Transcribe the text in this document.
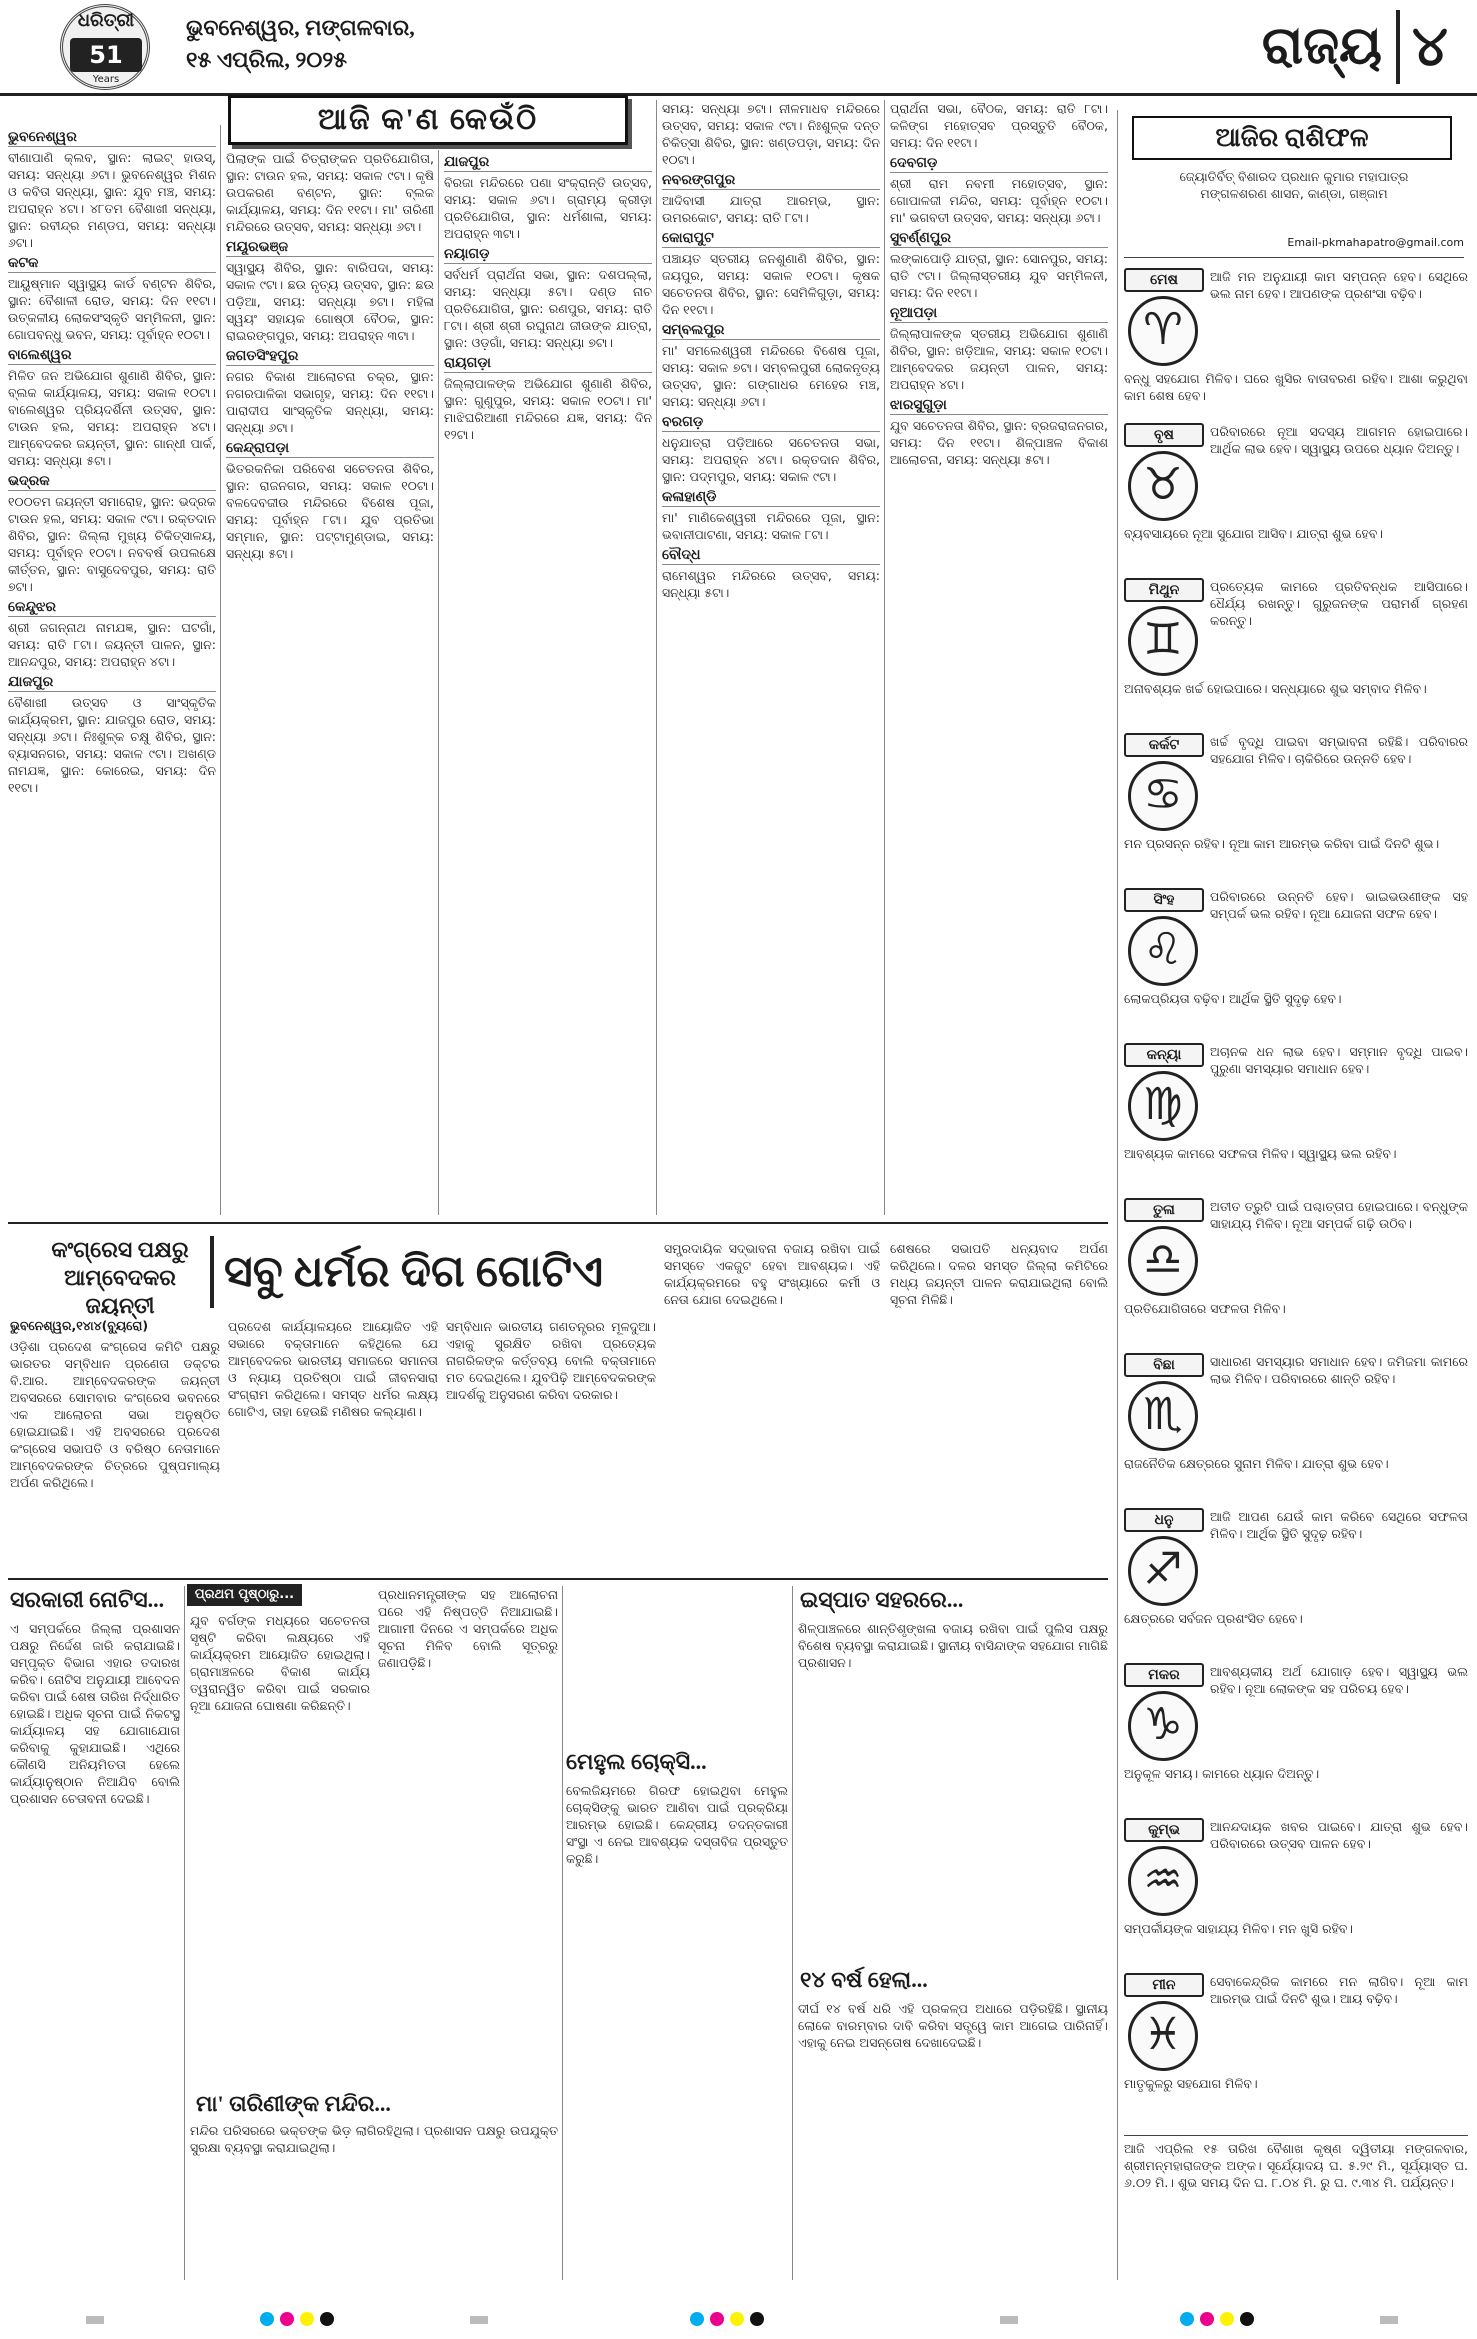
ଧରିତ୍ରୀ
51
Years
ଭୁବନେଶ୍ୱର, ମଙ୍ଗଳବାର,
୧୫ ଏପ୍ରିଲ, ୨୦୨୫	ରାଜ୍ୟ ୪
ଆଜି କ'ଣ କେଉଁଠି
ଭୁବନେଶ୍ୱର

ବୀଣାପାଣି କ୍ଲବ, ସ୍ଥାନ: ଲାଇଟ୍ ହାଉସ୍, ସମୟ: ସନ୍ଧ୍ୟା ୬ଟା। ଭୁବନେଶ୍ୱର ମିଶନ ଓ କବିତା ସନ୍ଧ୍ୟା, ସ୍ଥାନ: ଯୁବ ମଞ୍ଚ, ସମୟ: ଅପରାହ୍ନ ୪ଟା। ୪୮ତମ ବୈଶାଖୀ ସନ୍ଧ୍ୟା, ସ୍ଥାନ: ରବୀନ୍ଦ୍ର ମଣ୍ଡପ, ସମୟ: ସନ୍ଧ୍ୟା ୬ଟା।

କଟକ

ଆୟୁଷ୍ମାନ ସ୍ୱାସ୍ଥ୍ୟ କାର୍ଡ ବଣ୍ଟନ ଶିବିର, ସ୍ଥାନ: ବୈଶାଳୀ ରୋଡ, ସମୟ: ଦିନ ୧୧ଟା। ଉତ୍କଳୀୟ ଲୋକସଂସ୍କୃତି ସମ୍ମିଳନୀ, ସ୍ଥାନ: ଗୋପବନ୍ଧୁ ଭବନ, ସମୟ: ପୂର୍ବାହ୍ନ ୧୦ଟା।

ବାଲେଶ୍ୱର

ମିଳିତ ଜନ ଅଭିଯୋଗ ଶୁଣାଣି ଶିବିର, ସ୍ଥାନ: ବ୍ଲକ କାର୍ଯ୍ୟାଳୟ, ସମୟ: ସକାଳ ୧୦ଟା। ବାଲେଶ୍ୱର ପ୍ରିୟଦର୍ଶିନୀ ଉତ୍ସବ, ସ୍ଥାନ: ଟାଉନ ହଲ, ସମୟ: ଅପରାହ୍ନ ୪ଟା। ଆମ୍ବେଦକର ଜୟନ୍ତୀ, ସ୍ଥାନ: ଗାନ୍ଧୀ ପାର୍କ, ସମୟ: ସନ୍ଧ୍ୟା ୫ଟା।

ଭଦ୍ରକ

୧୦୦ତମ ଜୟନ୍ତୀ ସମାରୋହ, ସ୍ଥାନ: ଭଦ୍ରକ ଟାଉନ ହଲ, ସମୟ: ସକାଳ ୯ଟା। ରକ୍ତଦାନ ଶିବିର, ସ୍ଥାନ: ଜିଲ୍ଲା ମୁଖ୍ୟ ଚିକିତ୍ସାଳୟ, ସମୟ: ପୂର୍ବାହ୍ନ ୧୦ଟା। ନବବର୍ଷ ଉପଲକ୍ଷେ କୀର୍ତ୍ତନ, ସ୍ଥାନ: ବାସୁଦେବପୁର, ସମୟ: ରାତି ୭ଟା।

କେନ୍ଦୁଝର

ଶ୍ରୀ ଜଗନ୍ନାଥ ନାମଯଜ୍ଞ, ସ୍ଥାନ: ଘଟଗାଁ, ସମୟ: ରାତି ୮ଟା। ଜୟନ୍ତୀ ପାଳନ, ସ୍ଥାନ: ଆନନ୍ଦପୁର, ସମୟ: ଅପରାହ୍ନ ୪ଟା।

ଯାଜପୁର

ବୈଶାଖୀ ଉତ୍ସବ ଓ ସାଂସ୍କୃତିକ କାର୍ଯ୍ୟକ୍ରମ, ସ୍ଥାନ: ଯାଜପୁର ରୋଡ, ସମୟ: ସନ୍ଧ୍ୟା ୬ଟା। ନିଃଶୁଳ୍କ ଚକ୍ଷୁ ଶିବିର, ସ୍ଥାନ: ବ୍ୟାସନଗର, ସମୟ: ସକାଳ ୯ଟା। ଅଖଣ୍ଡ ନାମଯଜ୍ଞ, ସ୍ଥାନ: କୋରେଇ, ସମୟ: ଦିନ ୧୧ଟା।

ପିଲାଙ୍କ ପାଇଁ ଚିତ୍ରାଙ୍କନ ପ୍ରତିଯୋଗିତା, ସ୍ଥାନ: ଟାଉନ ହଲ, ସମୟ: ସକାଳ ୯ଟା। କୃଷି ଉପକରଣ ବଣ୍ଟନ, ସ୍ଥାନ: ବ୍ଲକ କାର୍ଯ୍ୟାଳୟ, ସମୟ: ଦିନ ୧୧ଟା। ମା' ତାରିଣୀ ମନ୍ଦିରରେ ଉତ୍ସବ, ସମୟ: ସନ୍ଧ୍ୟା ୬ଟା।

ମୟୂରଭଞ୍ଜ

ସ୍ୱାସ୍ଥ୍ୟ ଶିବିର, ସ୍ଥାନ: ବାରିପଦା, ସମୟ: ସକାଳ ୯ଟା। ଛଉ ନୃତ୍ୟ ଉତ୍ସବ, ସ୍ଥାନ: ଛଉ ପଡ଼ିଆ, ସମୟ: ସନ୍ଧ୍ୟା ୭ଟା। ମହିଳା ସ୍ୱୟଂ ସହାୟକ ଗୋଷ୍ଠୀ ବୈଠକ, ସ୍ଥାନ: ରାଇରଙ୍ଗପୁର, ସମୟ: ଅପରାହ୍ନ ୩ଟା।

ଜଗତସିଂହପୁର

ନଗର ବିକାଶ ଆଲୋଚନା ଚକ୍ର, ସ୍ଥାନ: ନଗରପାଳିକା ସଭାଗୃହ, ସମୟ: ଦିନ ୧୧ଟା। ପାରାଦୀପ ସାଂସ୍କୃତିକ ସନ୍ଧ୍ୟା, ସମୟ: ସନ୍ଧ୍ୟା ୬ଟା।

କେନ୍ଦ୍ରାପଡ଼ା

ଭିତରକନିକା ପରିବେଶ ସଚେତନତା ଶିବିର, ସ୍ଥାନ: ରାଜନଗର, ସମୟ: ସକାଳ ୧୦ଟା। ବଳଦେବଜୀଉ ମନ୍ଦିରରେ ବିଶେଷ ପୂଜା, ସମୟ: ପୂର୍ବାହ୍ନ ୮ଟା। ଯୁବ ପ୍ରତିଭା ସମ୍ମାନ, ସ୍ଥାନ: ପଟ୍ଟାମୁଣ୍ଡାଇ, ସମୟ: ସନ୍ଧ୍ୟା ୫ଟା।

ଯାଜପୁର

ବିରଜା ମନ୍ଦିରରେ ପଣା ସଂକ୍ରାନ୍ତି ଉତ୍ସବ, ସମୟ: ସକାଳ ୬ଟା। ଗ୍ରାମ୍ୟ କ୍ରୀଡ଼ା ପ୍ରତିଯୋଗିତା, ସ୍ଥାନ: ଧର୍ମଶାଳା, ସମୟ: ଅପରାହ୍ନ ୩ଟା।

ନୟାଗଡ଼

ସର୍ବଧର୍ମ ପ୍ରାର୍ଥନା ସଭା, ସ୍ଥାନ: ଦଶପଲ୍ଲା, ସମୟ: ସନ୍ଧ୍ୟା ୫ଟା। ଦଣ୍ଡ ନାଚ ପ୍ରତିଯୋଗିତା, ସ୍ଥାନ: ରଣପୁର, ସମୟ: ରାତି ୮ଟା। ଶ୍ରୀ ଶ୍ରୀ ରଘୁନାଥ ଜୀଉଙ୍କ ଯାତ୍ରା, ସ୍ଥାନ: ଓଡ଼ଗାଁ, ସମୟ: ସନ୍ଧ୍ୟା ୭ଟା।

ରାୟଗଡ଼ା

ଜିଲ୍ଲାପାଳଙ୍କ ଅଭିଯୋଗ ଶୁଣାଣି ଶିବିର, ସ୍ଥାନ: ଗୁଣୁପୁର, ସମୟ: ସକାଳ ୧୦ଟା। ମା' ମାଝିଘରିଆଣୀ ମନ୍ଦିରରେ ଯଜ୍ଞ, ସମୟ: ଦିନ ୧୨ଟା।

ସମୟ: ସନ୍ଧ୍ୟା ୭ଟା। ନୀଳମାଧବ ମନ୍ଦିରରେ ଉତ୍ସବ, ସମୟ: ସକାଳ ୯ଟା। ନିଃଶୁଳ୍କ ଦନ୍ତ ଚିକିତ୍ସା ଶିବିର, ସ୍ଥାନ: ଖଣ୍ଡପଡ଼ା, ସମୟ: ଦିନ ୧୦ଟା।

ନବରଙ୍ଗପୁର

ଆଦିବାସୀ ଯାତ୍ରା ଆରମ୍ଭ, ସ୍ଥାନ: ଉମରକୋଟ, ସମୟ: ରାତି ୮ଟା।

କୋରାପୁଟ

ପଞ୍ଚାୟତ ସ୍ତରୀୟ ଜନଶୁଣାଣି ଶିବିର, ସ୍ଥାନ: ଜୟପୁର, ସମୟ: ସକାଳ ୧୦ଟା। କୃଷକ ସଚେତନତା ଶିବିର, ସ୍ଥାନ: ସେମିଳିଗୁଡ଼ା, ସମୟ: ଦିନ ୧୧ଟା।

ସମ୍ବଲପୁର

ମା' ସମଲେଶ୍ୱରୀ ମନ୍ଦିରରେ ବିଶେଷ ପୂଜା, ସମୟ: ସକାଳ ୭ଟା। ସମ୍ବଲପୁରୀ ଲୋକନୃତ୍ୟ ଉତ୍ସବ, ସ୍ଥାନ: ଗଙ୍ଗାଧର ମେହେର ମଞ୍ଚ, ସମୟ: ସନ୍ଧ୍ୟା ୬ଟା।

ବରଗଡ଼

ଧନୁଯାତ୍ରା ପଡ଼ିଆରେ ସଚେତନତା ସଭା, ସମୟ: ଅପରାହ୍ନ ୪ଟା। ରକ୍ତଦାନ ଶିବିର, ସ୍ଥାନ: ପଦ୍ମପୁର, ସମୟ: ସକାଳ ୯ଟା।

କଳାହାଣ୍ଡି

ମା' ମାଣିକେଶ୍ୱରୀ ମନ୍ଦିରରେ ପୂଜା, ସ୍ଥାନ: ଭବାନୀପାଟଣା, ସମୟ: ସକାଳ ୮ଟା।

ବୌଦ୍ଧ

ରାମେଶ୍ୱର ମନ୍ଦିରରେ ଉତ୍ସବ, ସମୟ: ସନ୍ଧ୍ୟା ୫ଟା।

ପ୍ରାର୍ଥନା ସଭା, ବୈଠକ, ସମୟ: ରାତି ୮ଟା। କଳିଙ୍ଗ ମହୋତ୍ସବ ପ୍ରସ୍ତୁତି ବୈଠକ, ସମୟ: ଦିନ ୧୧ଟା।

ଦେବଗଡ଼

ଶ୍ରୀ ରାମ ନବମୀ ମହୋତ୍ସବ, ସ୍ଥାନ: ଗୋପାଳଜୀ ମନ୍ଦିର, ସମୟ: ପୂର୍ବାହ୍ନ ୧୦ଟା। ମା' ଭଗବତୀ ଉତ୍ସବ, ସମୟ: ସନ୍ଧ୍ୟା ୬ଟା।

ସୁବର୍ଣ୍ଣପୁର

ଲଙ୍କାପୋଡ଼ି ଯାତ୍ରା, ସ୍ଥାନ: ସୋନପୁର, ସମୟ: ରାତି ୯ଟା। ଜିଲ୍ଲାସ୍ତରୀୟ ଯୁବ ସମ୍ମିଳନୀ, ସମୟ: ଦିନ ୧୧ଟା।

ନୂଆପଡ଼ା

ଜିଲ୍ଲାପାଳଙ୍କ ସ୍ତରୀୟ ଅଭିଯୋଗ ଶୁଣାଣି ଶିବିର, ସ୍ଥାନ: ଖଡ଼ିଆଳ, ସମୟ: ସକାଳ ୧୦ଟା। ଆମ୍ବେଦକର ଜୟନ୍ତୀ ପାଳନ, ସମୟ: ଅପରାହ୍ନ ୪ଟା।

ଝାରସୁଗୁଡ଼ା

ଯୁବ ସଚେତନତା ଶିବିର, ସ୍ଥାନ: ବ୍ରଜରାଜନଗର, ସମୟ: ଦିନ ୧୧ଟା। ଶିଳ୍ପାଞ୍ଚଳ ବିକାଶ ଆଲୋଚନା, ସମୟ: ସନ୍ଧ୍ୟା ୫ଟା।

ଆଜିର ରାଶିଫଳ
ଜ୍ୟୋତିର୍ବିତ୍ ବିଶାରଦ ପ୍ରଧାନ କୁମାର ମହାପାତ୍ର
ମଙ୍ଗଳଶରଣ ଶାସନ, କାଣ୍ଡା, ଗଞ୍ଜାମ
Email-pkmahapatro@gmail.com
ମେଷ
♈
ଆଜି ମନ ଅନୁଯାୟୀ କାମ ସମ୍ପନ୍ନ ହେବ। ସେଥିରେ ଭଲ ନାମ ହେବ। ଆପଣଙ୍କ ପ୍ରଶଂସା ବଢ଼ିବ।
ବନ୍ଧୁ ସହଯୋଗ ମିଳିବ। ଘରେ ଖୁସିର ବାତାବରଣ ରହିବ। ଆଶା କରୁଥିବା କାମ ଶେଷ ହେବ।
ବୃଷ
♉
ପରିବାରରେ ନୂଆ ସଦସ୍ୟ ଆଗମନ ହୋଇପାରେ। ଆର୍ଥିକ ଲାଭ ହେବ। ସ୍ୱାସ୍ଥ୍ୟ ଉପରେ ଧ୍ୟାନ ଦିଅନ୍ତୁ।
ବ୍ୟବସାୟରେ ନୂଆ ସୁଯୋଗ ଆସିବ। ଯାତ୍ରା ଶୁଭ ହେବ।
ମିଥୁନ
♊
ପ୍ରତ୍ୟେକ କାମରେ ପ୍ରତିବନ୍ଧକ ଆସିପାରେ। ଧୈର୍ଯ୍ୟ ରଖନ୍ତୁ। ଗୁରୁଜନଙ୍କ ପରାମର୍ଶ ଗ୍ରହଣ କରନ୍ତୁ।
ଅନାବଶ୍ୟକ ଖର୍ଚ୍ଚ ହୋଇପାରେ। ସନ୍ଧ୍ୟାରେ ଶୁଭ ସମ୍ବାଦ ମିଳିବ।
କର୍କଟ
♋
ଖର୍ଚ୍ଚ ବୃଦ୍ଧି ପାଇବା ସମ୍ଭାବନା ରହିଛି। ପରିବାରର ସହଯୋଗ ମିଳିବ। ଚାକିରିରେ ଉନ୍ନତି ହେବ।
ମନ ପ୍ରସନ୍ନ ରହିବ। ନୂଆ କାମ ଆରମ୍ଭ କରିବା ପାଇଁ ଦିନଟି ଶୁଭ।
ସିଂହ
♌
ପରିବାରରେ ଉନ୍ନତି ହେବ। ଭାଇଭଉଣୀଙ୍କ ସହ ସମ୍ପର୍କ ଭଲ ରହିବ। ନୂଆ ଯୋଜନା ସଫଳ ହେବ।
ଲୋକପ୍ରିୟତା ବଢ଼ିବ। ଆର୍ଥିକ ସ୍ଥିତି ସୁଦୃଢ଼ ହେବ।
କନ୍ୟା
♍
ଅଚାନକ ଧନ ଲାଭ ହେବ। ସମ୍ମାନ ବୃଦ୍ଧି ପାଇବ। ପୁରୁଣା ସମସ୍ୟାର ସମାଧାନ ହେବ।
ଆବଶ୍ୟକ କାମରେ ସଫଳତା ମିଳିବ। ସ୍ୱାସ୍ଥ୍ୟ ଭଲ ରହିବ।
ତୁଳା
♎
ଅତୀତ ତ୍ରୁଟି ପାଇଁ ପଶ୍ଚାତ୍ତାପ ହୋଇପାରେ। ବନ୍ଧୁଙ୍କ ସାହାଯ୍ୟ ମିଳିବ। ନୂଆ ସମ୍ପର୍କ ଗଢ଼ି ଉଠିବ।
ପ୍ରତିଯୋଗିତାରେ ସଫଳତା ମିଳିବ।
ବିଛା
♏
ସାଧାରଣ ସମସ୍ୟାର ସମାଧାନ ହେବ। ଜମିଜମା କାମରେ ଲାଭ ମିଳିବ। ପରିବାରରେ ଶାନ୍ତି ରହିବ।
ରାଜନୈତିକ କ୍ଷେତ୍ରରେ ସୁନାମ ମିଳିବ। ଯାତ୍ରା ଶୁଭ ହେବ।
ଧନୁ
♐
ଆଜି ଆପଣ ଯେଉଁ କାମ କରିବେ ସେଥିରେ ସଫଳତା ମିଳିବ। ଆର୍ଥିକ ସ୍ଥିତି ସୁଦୃଢ଼ ରହିବ।
କ୍ଷେତ୍ରରେ ସର୍ବଜନ ପ୍ରଶଂସିତ ହେବେ।
ମକର
♑
ଆବଶ୍ୟକୀୟ ଅର୍ଥ ଯୋଗାଡ଼ ହେବ। ସ୍ୱାସ୍ଥ୍ୟ ଭଲ ରହିବ। ନୂଆ ଲୋକଙ୍କ ସହ ପରିଚୟ ହେବ।
ଅନୁକୂଳ ସମୟ। କାମରେ ଧ୍ୟାନ ଦିଅନ୍ତୁ।
କୁମ୍ଭ
♒
ଆନନ୍ଦଦାୟକ ଖବର ପାଇବେ। ଯାତ୍ରା ଶୁଭ ହେବ। ପରିବାରରେ ଉତ୍ସବ ପାଳନ ହେବ।
ସମ୍ପର୍କୀୟଙ୍କ ସାହାଯ୍ୟ ମିଳିବ। ମନ ଖୁସି ରହିବ।
ମୀନ
♓
ସେବାକେନ୍ଦ୍ରିକ କାମରେ ମନ ଲାଗିବ। ନୂଆ କାମ ଆରମ୍ଭ ପାଇଁ ଦିନଟି ଶୁଭ। ଆୟ ବଢ଼ିବ।
ମାତୃକୁଳରୁ ସହଯୋଗ ମିଳିବ।
ଆଜି ଏପ୍ରିଲ ୧୫ ତାରିଖ ବୈଶାଖ କୃଷ୍ଣ ଦ୍ୱିତୀୟା ମଙ୍ଗଳବାର, ଶ୍ରୀମନ୍ମହାରାଜଙ୍କ ଅଙ୍କ। ସୂର୍ଯ୍ୟୋଦୟ ଘ. ୫.୨୯ ମି., ସୂର୍ଯ୍ୟାସ୍ତ ଘ. ୬.୦୨ ମି.। ଶୁଭ ସମୟ ଦିନ ଘ. ୮.୦୪ ମି. ରୁ ଘ. ୯.୩୪ ମି. ପର୍ଯ୍ୟନ୍ତ।
କଂଗ୍ରେସ ପକ୍ଷରୁ ଆମ୍ବେଦକର ଜୟନ୍ତୀ
ସବୁ ଧର୍ମର ଦିଗ ଗୋଟିଏ
ଭୁବନେଶ୍ୱର,୧୪ା୪(ବ୍ୟୁରୋ)
ଓଡ଼ିଶା ପ୍ରଦେଶ କଂଗ୍ରେସ କମିଟି ପକ୍ଷରୁ ଭାରତର ସମ୍ବିଧାନ ପ୍ରଣେତା ଡକ୍ଟର ବି.ଆର. ଆମ୍ବେଦକରଙ୍କ ଜୟନ୍ତୀ ଅବସରରେ ସୋମବାର କଂଗ୍ରେସ ଭବନରେ ଏକ ଆଲୋଚନା ସଭା ଅନୁଷ୍ଠିତ ହୋଇଯାଇଛି। ଏହି ଅବସରରେ ପ୍ରଦେଶ କଂଗ୍ରେସ ସଭାପତି ଓ ବରିଷ୍ଠ ନେତାମାନେ ଆମ୍ବେଦକରଙ୍କ ଚିତ୍ରରେ ପୁଷ୍ପମାଲ୍ୟ ଅର୍ପଣ କରିଥିଲେ।
ପ୍ରଦେଶ କାର୍ଯ୍ୟାଳୟରେ ଆୟୋଜିତ ଏହି ସଭାରେ ବକ୍ତାମାନେ କହିଥିଲେ ଯେ ଆମ୍ବେଦକର ଭାରତୀୟ ସମାଜରେ ସମାନତା ଓ ନ୍ୟାୟ ପ୍ରତିଷ୍ଠା ପାଇଁ ଜୀବନସାରା ସଂଗ୍ରାମ କରିଥିଲେ। ସମସ୍ତ ଧର୍ମର ଲକ୍ଷ୍ୟ ଗୋଟିଏ, ତାହା ହେଉଛି ମଣିଷର କଲ୍ୟାଣ।
ସମ୍ବିଧାନ ଭାରତୀୟ ଗଣତନ୍ତ୍ରର ମୂଳଦୁଆ। ଏହାକୁ ସୁରକ୍ଷିତ ରଖିବା ପ୍ରତ୍ୟେକ ନାଗରିକଙ୍କ କର୍ତ୍ତବ୍ୟ ବୋଲି ବକ୍ତାମାନେ ମତ ଦେଇଥିଲେ। ଯୁବପିଢ଼ି ଆମ୍ବେଦକରଙ୍କ ଆଦର୍ଶକୁ ଅନୁସରଣ କରିବା ଦରକାର।
ସମ୍ପ୍ରଦାୟିକ ସଦ୍ଭାବନା ବଜାୟ ରଖିବା ପାଇଁ ସମସ୍ତେ ଏକଜୁଟ ହେବା ଆବଶ୍ୟକ। ଏହି କାର୍ଯ୍ୟକ୍ରମରେ ବହୁ ସଂଖ୍ୟାରେ କର୍ମୀ ଓ ନେତା ଯୋଗ ଦେଇଥିଲେ।
ଶେଷରେ ସଭାପତି ଧନ୍ୟବାଦ ଅର୍ପଣ କରିଥିଲେ। ଦଳର ସମସ୍ତ ଜିଲ୍ଲା କମିଟିରେ ମଧ୍ୟ ଜୟନ୍ତୀ ପାଳନ କରାଯାଇଥିଲା ବୋଲି ସୂଚନା ମିଳିଛି।
ସରକାରୀ ନୋଟିସ...	ପ୍ରଥମ ପୃଷ୍ଠାରୁ...
ଏ ସମ୍ପର୍କରେ ଜିଲ୍ଲା ପ୍ରଶାସନ ପକ୍ଷରୁ ନିର୍ଦ୍ଦେଶ ଜାରି କରାଯାଇଛି। ସମ୍ପୃକ୍ତ ବିଭାଗ ଏହାର ତଦାରଖ କରିବ। ନୋଟିସ ଅନୁଯାୟୀ ଆବେଦନ କରିବା ପାଇଁ ଶେଷ ତାରିଖ ନିର୍ଦ୍ଧାରିତ ହୋଇଛି। ଅଧିକ ସୂଚନା ପାଇଁ ନିକଟସ୍ଥ କାର୍ଯ୍ୟାଳୟ ସହ ଯୋଗାଯୋଗ କରିବାକୁ କୁହାଯାଇଛି। ଏଥିରେ କୌଣସି ଅନିୟମିତତା ହେଲେ କାର୍ଯ୍ୟାନୁଷ୍ଠାନ ନିଆଯିବ ବୋଲି ପ୍ରଶାସନ ଚେତାବନୀ ଦେଇଛି।
ଯୁବ ବର୍ଗଙ୍କ ମଧ୍ୟରେ ସଚେତନତା ସୃଷ୍ଟି କରିବା ଲକ୍ଷ୍ୟରେ ଏହି କାର୍ଯ୍ୟକ୍ରମ ଆୟୋଜିତ ହୋଇଥିଲା। ଗ୍ରାମାଞ୍ଚଳରେ ବିକାଶ କାର୍ଯ୍ୟ ତ୍ୱରାନ୍ୱିତ କରିବା ପାଇଁ ସରକାର ନୂଆ ଯୋଜନା ଘୋଷଣା କରିଛନ୍ତି।
ପ୍ରଧାନମନ୍ତ୍ରୀଙ୍କ ସହ ଆଲୋଚନା ପରେ ଏହି ନିଷ୍ପତ୍ତି ନିଆଯାଇଛି। ଆଗାମୀ ଦିନରେ ଏ ସମ୍ପର୍କରେ ଅଧିକ ସୂଚନା ମିଳିବ ବୋଲି ସୂତ୍ରରୁ ଜଣାପଡ଼ିଛି।
ମା' ତାରିଣୀଙ୍କ ମନ୍ଦିର...
ମନ୍ଦିର ପରିସରରେ ଭକ୍ତଙ୍କ ଭିଡ଼ ଲାଗିରହିଥିଲା। ପ୍ରଶାସନ ପକ୍ଷରୁ ଉପଯୁକ୍ତ ସୁରକ୍ଷା ବ୍ୟବସ୍ଥା କରାଯାଇଥିଲା।
ମେହୁଲ ଚୋକ୍ସି...
ବେଲଜିୟମରେ ଗିରଫ ହୋଇଥିବା ମେହୁଲ ଚୋକ୍ସିଙ୍କୁ ଭାରତ ଆଣିବା ପାଇଁ ପ୍ରକ୍ରିୟା ଆରମ୍ଭ ହୋଇଛି। କେନ୍ଦ୍ରୀୟ ତଦନ୍ତକାରୀ ସଂସ୍ଥା ଏ ନେଇ ଆବଶ୍ୟକ ଦସ୍ତାବିଜ ପ୍ରସ୍ତୁତ କରୁଛି।
ଇସ୍ପାତ ସହରରେ...
ଶିଳ୍ପାଞ୍ଚଳରେ ଶାନ୍ତିଶୃଙ୍ଖଳା ବଜାୟ ରଖିବା ପାଇଁ ପୁଲିସ ପକ୍ଷରୁ ବିଶେଷ ବ୍ୟବସ୍ଥା କରାଯାଇଛି। ସ୍ଥାନୀୟ ବାସିନ୍ଦାଙ୍କ ସହଯୋଗ ମାଗିଛି ପ୍ରଶାସନ।
୧୪ ବର୍ଷ ହେଲା...
ଦୀର୍ଘ ୧୪ ବର୍ଷ ଧରି ଏହି ପ୍ରକଳ୍ପ ଅଧାରେ ପଡ଼ିରହିଛି। ସ୍ଥାନୀୟ ଲୋକେ ବାରମ୍ବାର ଦାବି କରିବା ସତ୍ତ୍ୱେ କାମ ଆଗେଇ ପାରିନାହିଁ। ଏହାକୁ ନେଇ ଅସନ୍ତୋଷ ଦେଖାଦେଇଛି।
